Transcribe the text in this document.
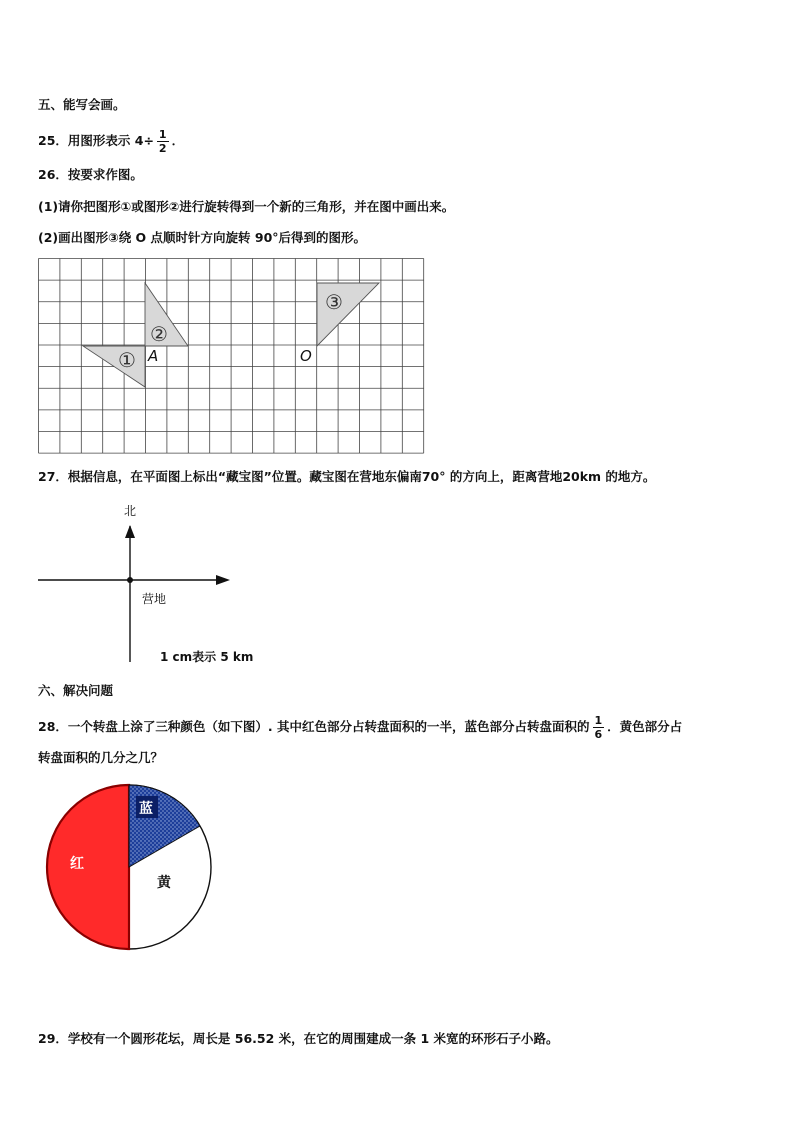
五、能写会画。
25．用图形表示 $4\div \frac{1}{2}$ ．
26．按要求作图。
(1)请你把图形①或图形②进行旋转得到一个新的三角形，并在图中画出来。
(2)画出图形③绕 O 点顺时针方向旋转 90°后得到的图形。
①
②
③
A	O
27．根据信息，在平面图上标出“藏宝图”位置。藏宝图在营地东偏南70° 的方向上，距离营地20km 的地方。
北
营地
1 cm表示 5 km
六、解决问题
28．一个转盘上涂了三种颜色（如下图）. 其中红色部分占转盘面积的一半，蓝色部分占转盘面积的 $\frac{1}{6}$ ．黄色部分占
转盘面积的几分之几？
蓝
红
黄
29．学校有一个圆形花坛，周长是 56.52 米，在它的周围建成一条 1 米宽的环形石子小路。
